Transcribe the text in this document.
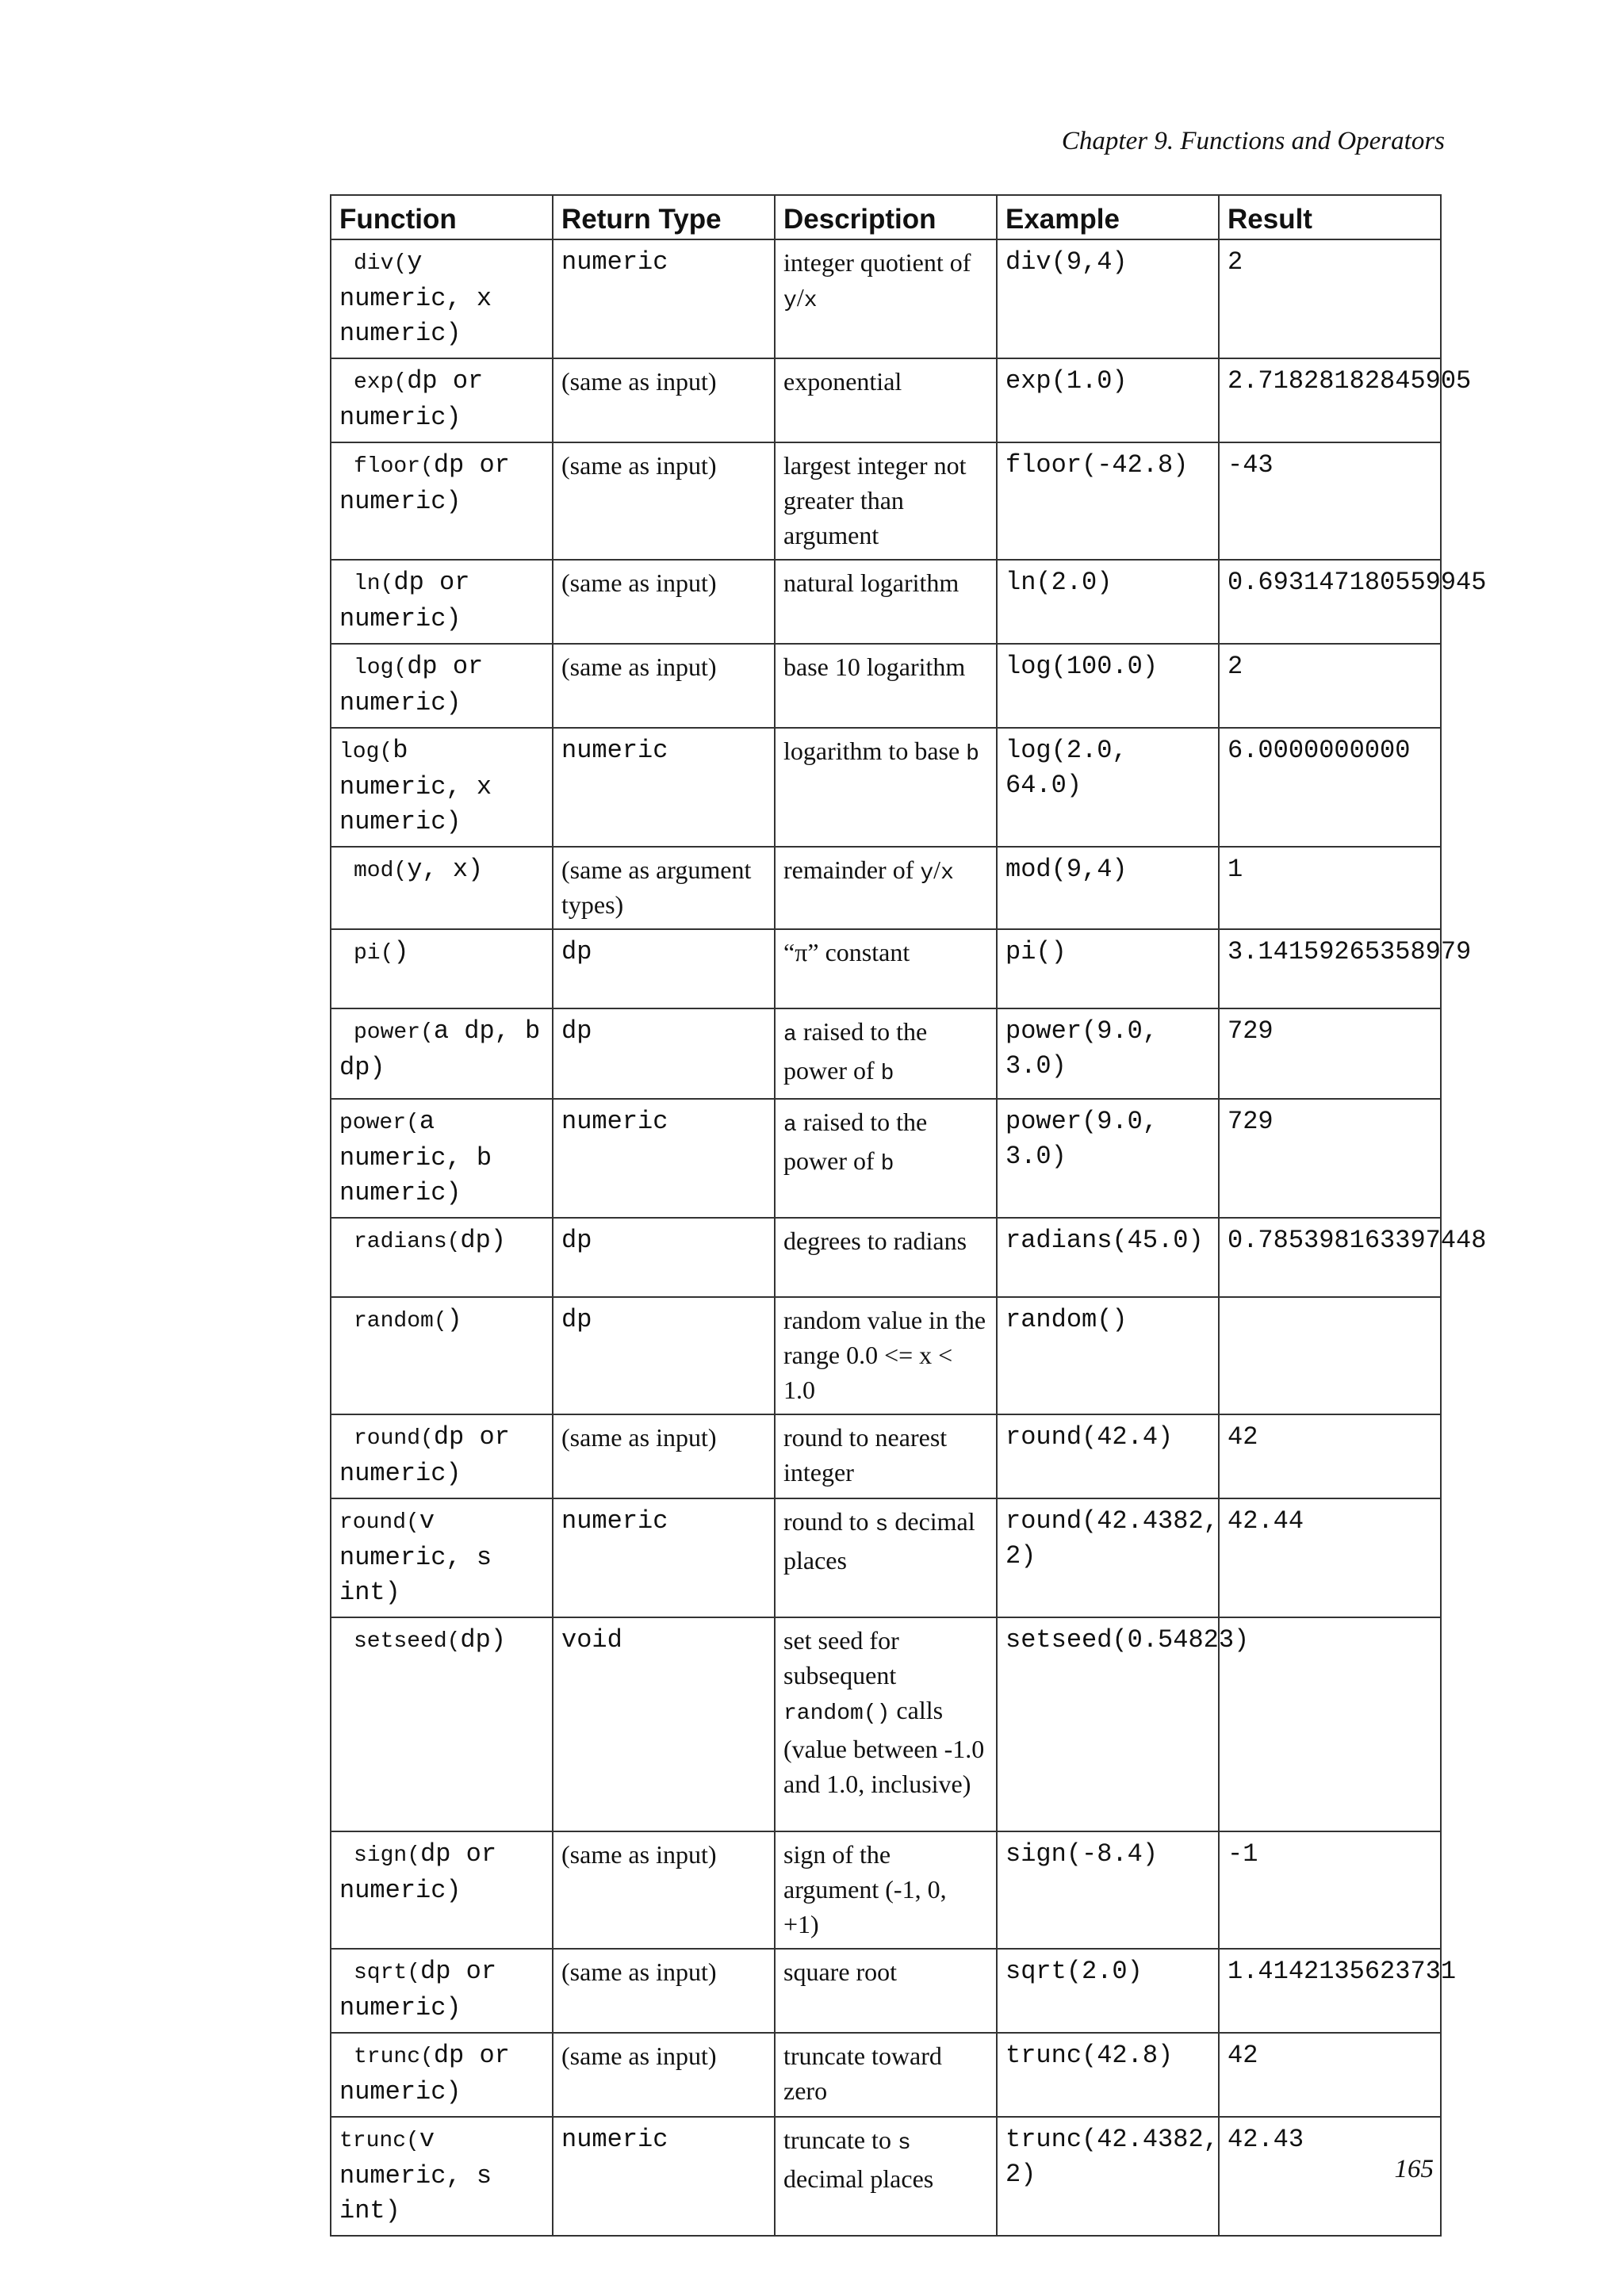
Chapter 9. Functions and Operators
Function	Return Type	Description	Example	Result
div(y numeric, x numeric)	numeric	integer quotient of y/x	div(9,4)	2
exp(dp or numeric)	(same as input)	exponential	exp(1.0)	2.71828182845905
floor(dp or numeric)	(same as input)	largest integer not greater than argument	floor(-42.8)	-43
ln(dp or numeric)	(same as input)	natural logarithm	ln(2.0)	0.693147180559945
log(dp or numeric)	(same as input)	base 10 logarithm	log(100.0)	2
log(b numeric, x numeric)	numeric	logarithm to base b	log(2.0, 64.0)	6.0000000000
mod(y, x)	(same as argument types)	remainder of y/x	mod(9,4)	1
pi()	dp	“π” constant	pi()	3.14159265358979
power(a dp, b dp)	dp	a raised to the power of b	power(9.0, 3.0)	729
power(a numeric, b numeric)	numeric	a raised to the power of b	power(9.0, 3.0)	729
radians(dp)	dp	degrees to radians	radians(45.0)	0.785398163397448
random()	dp	random value in the range 0.0 <= x < 1.0	random()	
round(dp or numeric)	(same as input)	round to nearest integer	round(42.4)	42
round(v numeric, s int)	numeric	round to s decimal places	round(42.4382, 2)	42.44
setseed(dp)	void	set seed for subsequent random() calls (value between -1.0 and 1.0, inclusive)	setseed(0.54823)	
sign(dp or numeric)	(same as input)	sign of the argument (-1, 0, +1)	sign(-8.4)	-1
sqrt(dp or numeric)	(same as input)	square root	sqrt(2.0)	1.4142135623731
trunc(dp or numeric)	(same as input)	truncate toward zero	trunc(42.8)	42
trunc(v numeric, s int)	numeric	truncate to s decimal places	trunc(42.4382, 2)	42.43
165
